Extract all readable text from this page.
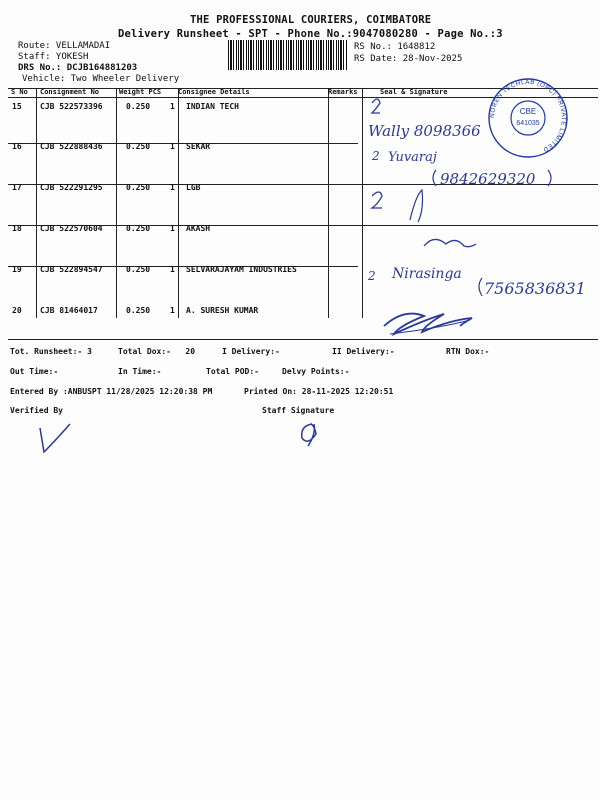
THE PROFESSIONAL COURIERS, COIMBATORE
Delivery Runsheet - SPT - Phone No.:9047080280 - Page No.:3
Route: VELLAMADAI
Staff: YOKESH
DRS No.: DCJB164881203
Vehicle: Two Wheeler Delivery
RS No.: 1648812
RS Date: 28-Nov-2025
S No Consignment No	Weight PCS Consignee Details	Remarks	Seal & Signature
15 CJB 522573396	0.250 1 INDIAN TECH
16 CJB 522888436	0.250 1 SEKAR
17 CJB 522291295	0.250 1 LGB
18 CJB 522570604	0.250 1 AKASH
19 CJB 522894547	0.250 1 SELVARAJAYAM INDUSTRIES
20 CJB 81464017	0.250 1 A. SURESH KUMAR
CBE
641035
NOREN TECHLAB (OPC) PRIVATE LIMITED
Wally 8098366
2 Yuvaraj
9842629320
2 Nirasinga
7565836831
Tot. Runsheet:- 3	Total Dox:-   20	I Delivery:-	II Delivery:-	RTN Dox:-
Out Time:-	In Time:-	Total POD:-	Delvy Points:-
Entered By :ANBUSPT 11/28/2025 12:20:38 PM	Printed On: 28-11-2025 12:20:51
Verified By	Staff Signature
